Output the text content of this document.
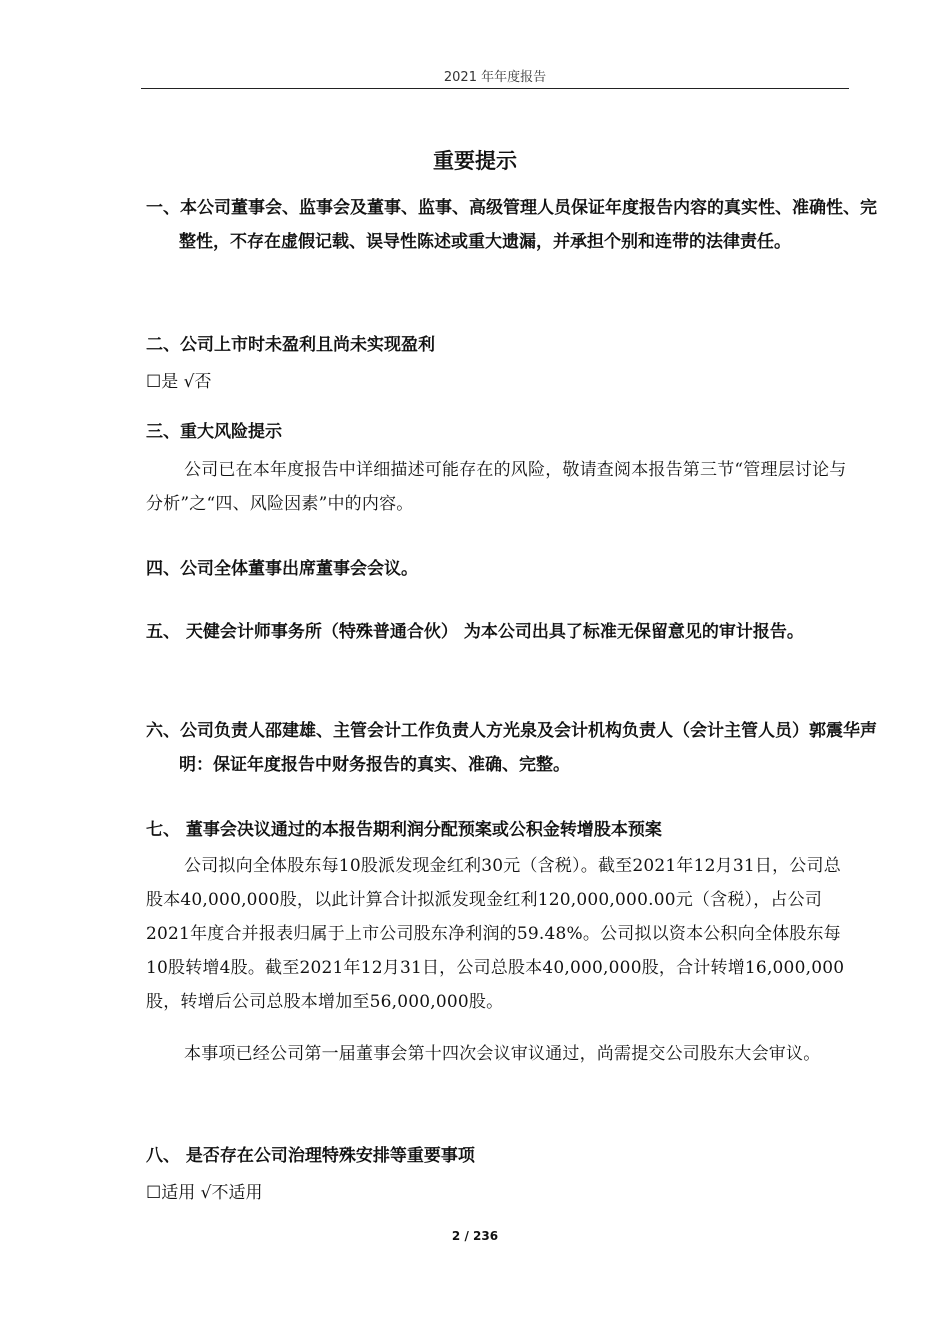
2021 年年度报告
重要提示
一、本公司董事会、监事会及董事、监事、高级管理人员保证年度报告内容的真实性、准确性、完整性，不存在虚假记载、误导性陈述或重大遗漏，并承担个别和连带的法律责任。
二、公司上市时未盈利且尚未实现盈利
☐是 √否
三、重大风险提示
公司已在本年度报告中详细描述可能存在的风险，敬请查阅本报告第三节“管理层讨论与分析”之“四、风险因素”中的内容。
四、公司全体董事出席董事会会议。
五、 天健会计师事务所（特殊普通合伙） 为本公司出具了标准无保留意见的审计报告。
六、公司负责人邵建雄、主管会计工作负责人方光泉及会计机构负责人（会计主管人员）郭震华声明：保证年度报告中财务报告的真实、准确、完整。
七、 董事会决议通过的本报告期利润分配预案或公积金转增股本预案
公司拟向全体股东每10股派发现金红利30元（含税）。截至2021年12月31日，公司总股本40,000,000股，以此计算合计拟派发现金红利120,000,000.00元（含税），占公司2021年度合并报表归属于上市公司股东净利润的59.48%。公司拟以资本公积向全体股东每10股转增4股。截至2021年12月31日，公司总股本40,000,000股，合计转增16,000,000股，转增后公司总股本增加至56,000,000股。
本事项已经公司第一届董事会第十四次会议审议通过，尚需提交公司股东大会审议。
八、 是否存在公司治理特殊安排等重要事项
☐适用 √不适用
2 / 236
